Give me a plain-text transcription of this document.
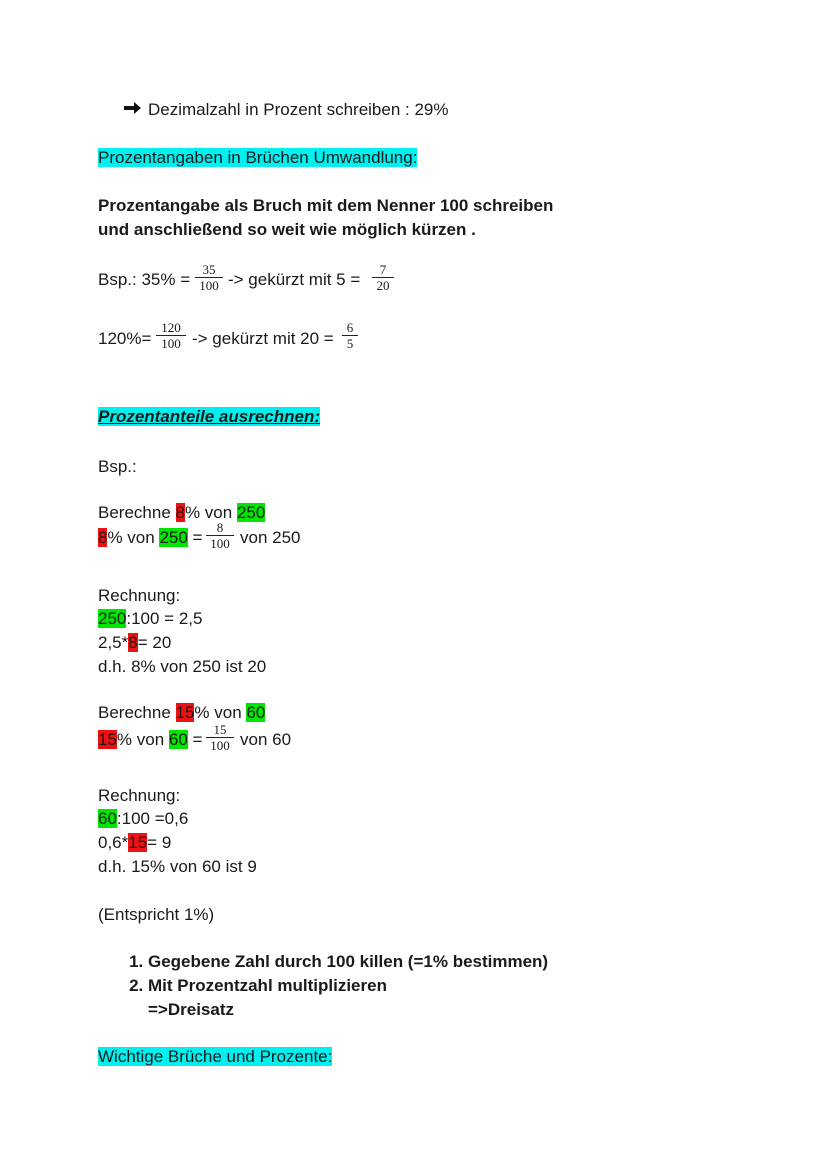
Dezimalzahl in Prozent schreiben : 29%
Prozentangaben in Brüchen Umwandlung:
Prozentangabe als Bruch mit dem Nenner 100 schreiben
und anschließend so weit wie möglich kürzen .
Bsp.: 35% =
35
100 -> gekürzt mit 5 =
7
20
120%=
120
100 -> gekürzt mit 20 =
6
5
Prozentanteile ausrechnen:
Bsp.:
Berechne 8% von 250
8% von 250 =
8
100 von 250
Rechnung:
250:100 = 2,5
2,5*8= 20
d.h. 8% von 250 ist 20
Berechne 15% von 60
15% von 60 =
15
100 von 60
Rechnung:
60:100 =0,6
0,6*15= 9
d.h. 15% von 60 ist 9
(Entspricht 1%)
1. Gegebene Zahl durch 100 killen (=1% bestimmen)
2. Mit Prozentzahl multiplizieren
=>Dreisatz
Wichtige Brüche und Prozente:
